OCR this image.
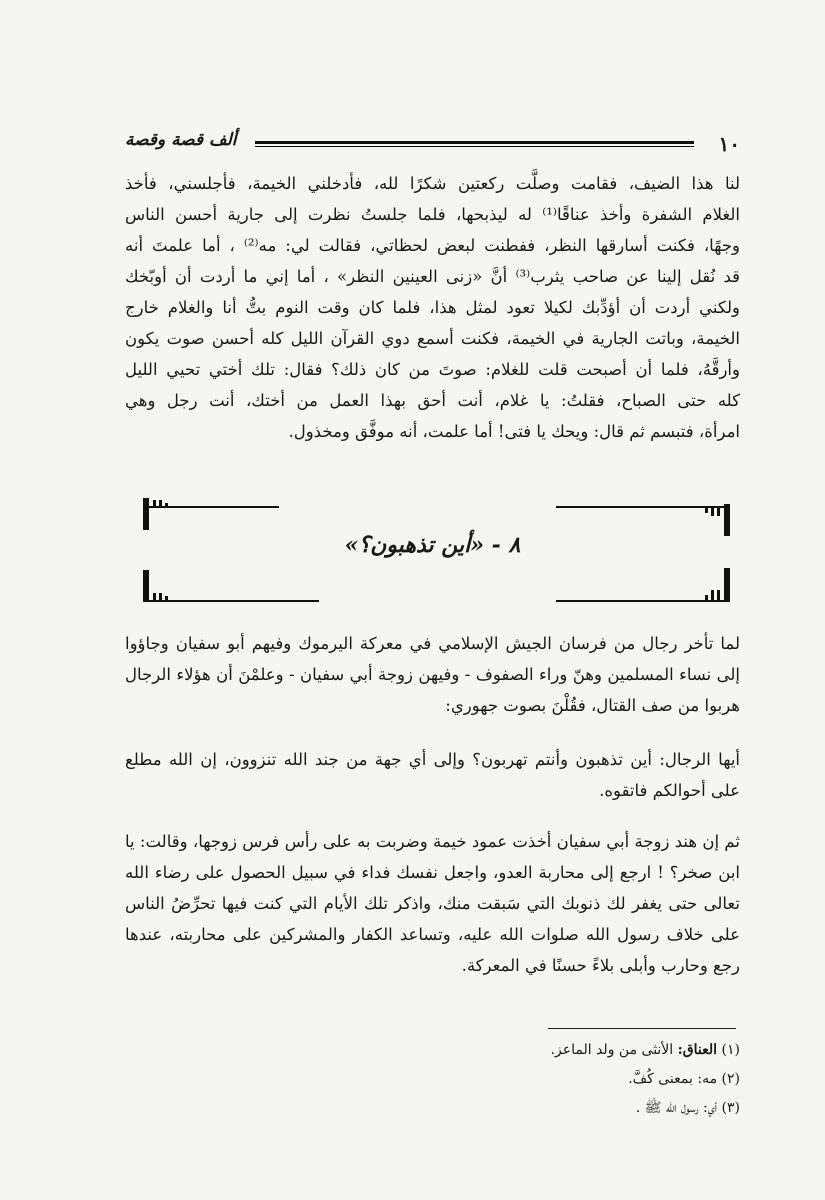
١٠
ألف قصة وقصة
لنا هذا الضيف، فقامت وصلَّت ركعتين شكرًا لله، فأدخلني الخيمة، فأجلسني، فأخذ
الغلام الشفرة وأخذ عناقًا⁽¹⁾ له ليذبحها، فلما جلستُ نظرت إلى جارية أحسن الناس
وجهًا، فكنت أسارقها النظر، ففطنت لبعض لحظاتي، فقالت لي: مه⁽²⁾ ، أما علمتَ أنه
قد نُقل إلينا عن صاحب يثرب⁽³⁾ أنَّ «زنى العينين النظر» ، أما إني ما أردت أن أوبّخك
ولكني أردت أن أؤدِّبك لكيلا تعود لمثل هذا، فلما كان وقت النوم بتُّ أنا والغلام خارج
الخيمة، وباتت الجارية في الخيمة، فكنت أسمع دوي القرآن الليل كله أحسن صوت يكون
وأرقَّهُ، فلما أن أصبحت قلت للغلام: صوتَ من كان ذلك؟ فقال: تلك أختي تحيي الليل
كله حتى الصباح، فقلتُ: يا غلام، أنت أحق بهذا العمل من أختك، أنت رجل وهي
امرأة، فتبسم ثم قال: ويحك يا فتى! أما علمت، أنه موفَّق ومخذول.
٨ - «أين تذهبون؟»
لما تأخر رجال من فرسان الجيش الإسلامي في معركة اليرموك وفيهم أبو سفيان وجاؤوا إلى نساء المسلمين وهنّ وراء الصفوف - وفيهن زوجة أبي سفيان - وعلمْنَ أن هؤلاء الرجال هربوا من صف القتال، فقُلْنَ بصوت جهوري:
أيها الرجال: أين تذهبون وأنتم تهربون؟ وإلى أي جهة من جند الله تنزوون، إن الله مطلع على أحوالكم فاتقوه.
ثم إن هند زوجة أبي سفيان أخذت عمود خيمة وضربت به على رأس فرس زوجها، وقالت: يا ابن صخر؟ ! ارجع إلى محاربة العدو، واجعل نفسك فداء في سبيل الحصول على رضاء الله تعالى حتى يغفر لك ذنوبك التي سَبقت منك، واذكر تلك الأيام التي كنت فيها تحرِّضُ الناس على خلاف رسول الله صلوات الله عليه، وتساعد الكفار والمشركين على محاربته، عندها رجع وحارب وأبلى بلاءً حسنًا في المعركة.
(١) العناق: الأنثى من ولد الماعز.
(٢) مه: بمعنى كُفَّ.
(٣) أي: رسول الله ﷺ .
